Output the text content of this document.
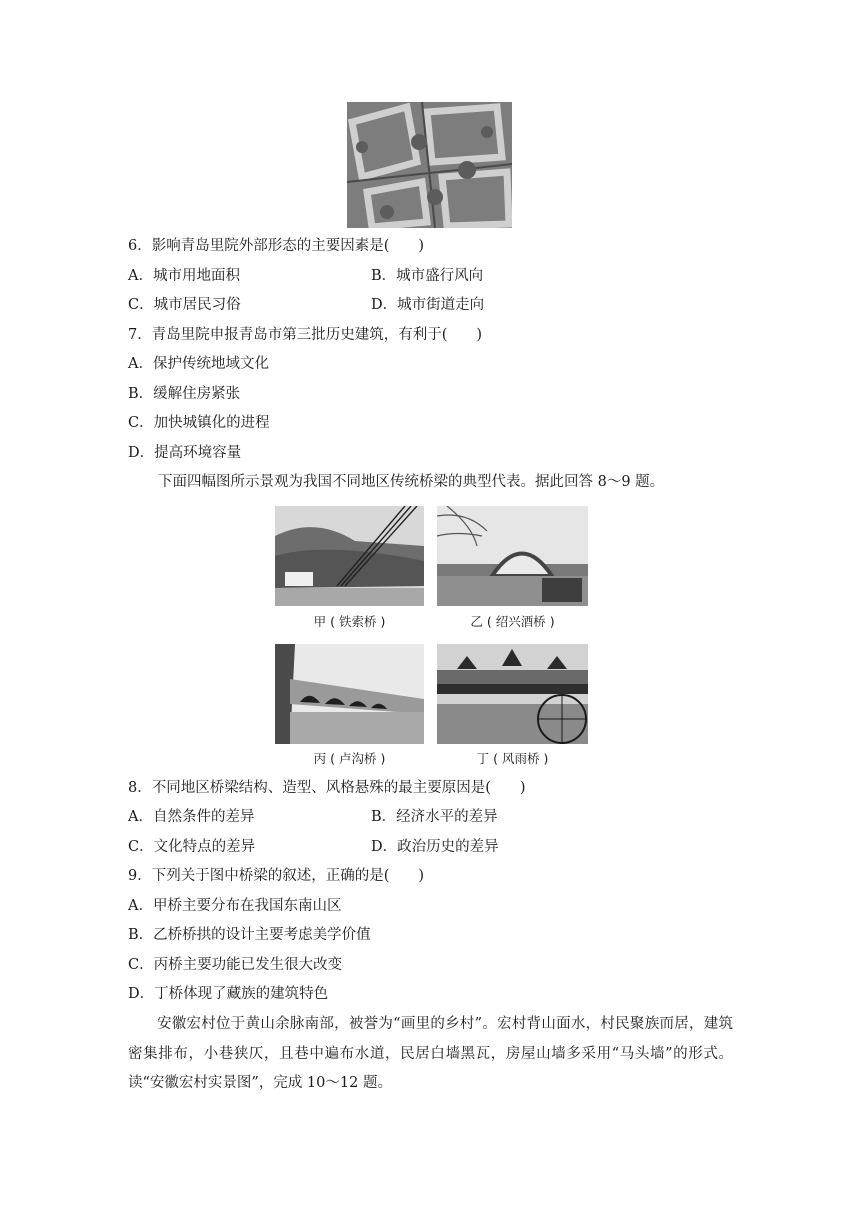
6．影响青岛里院外部形态的主要因素是(　　)
A．城市用地面积	B．城市盛行风向
C．城市居民习俗	D．城市街道走向
7．青岛里院申报青岛市第三批历史建筑，有利于(　　)
A．保护传统地域文化
B．缓解住房紧张
C．加快城镇化的进程
D．提高环境容量
下面四幅图所示景观为我国不同地区传统桥梁的典型代表。据此回答 8～9 题。
甲 ( 铁索桥 )	乙 ( 绍兴酒桥 )
丙 ( 卢沟桥 )	丁 ( 风雨桥 )
8．不同地区桥梁结构、造型、风格悬殊的最主要原因是(　　)
A．自然条件的差异	B．经济水平的差异
C．文化特点的差异	D．政治历史的差异
9．下列关于图中桥梁的叙述，正确的是(　　)
A．甲桥主要分布在我国东南山区
B．乙桥桥拱的设计主要考虑美学价值
C．丙桥主要功能已发生很大改变
D．丁桥体现了藏族的建筑特色
安徽宏村位于黄山余脉南部，被誉为“画里的乡村”。宏村背山面水，村民聚族而居，建筑密集排布，小巷狭仄，且巷中遍布水道，民居白墙黑瓦，房屋山墙多采用“马头墙”的形式。读“安徽宏村实景图”，完成 10～12 题。
